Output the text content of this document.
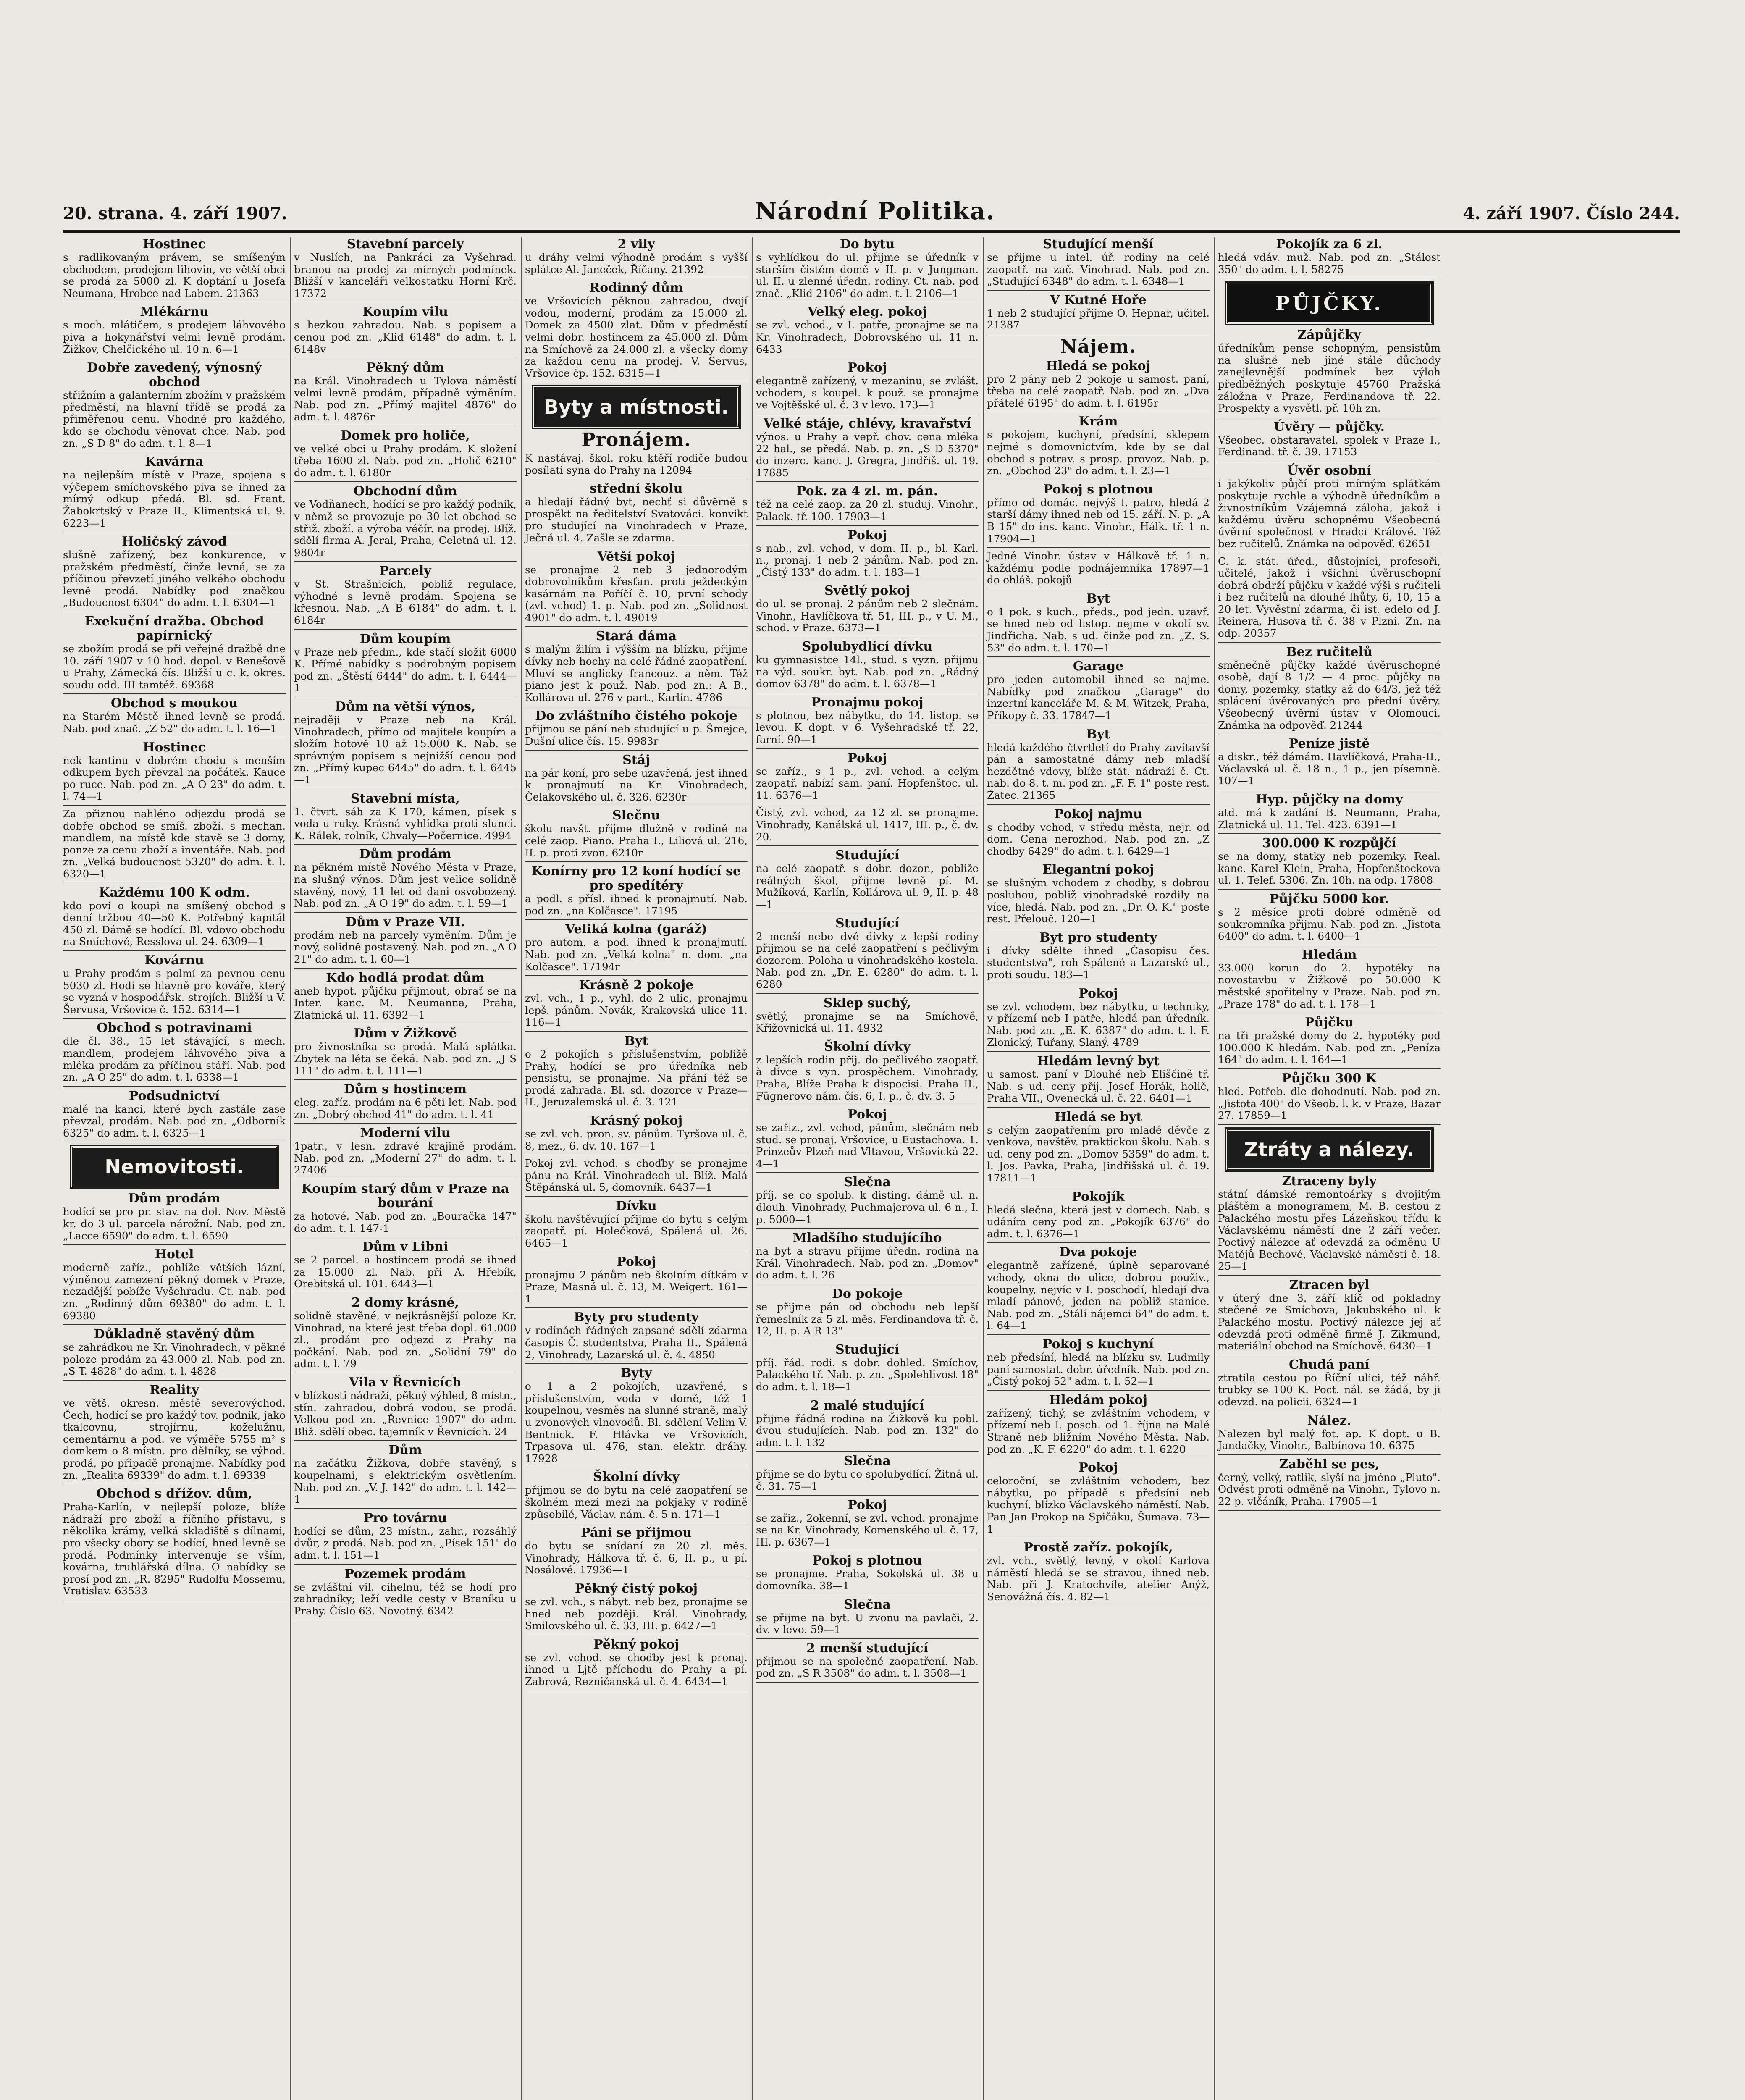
20. strana. 4. září 1907.	Národní Politika.	4. září 1907. Číslo 244.
Hostinec
s radlikovaným právem, se smíšeným obchodem, prodejem lihovin, ve větší obci se prodá za 5000 zl. K doptání u Josefa Neumana, Hrobce nad Labem. 21363
Mlékárnu
s moch. mlátičem, s prodejem láhvového piva a hokynářství velmi levně prodám. Žižkov, Chelčického ul. 10 n. 6—1
Dobře zavedený, výnosný obchod
střižním a galanterním zbožím v pražském předměstí, na hlavní třídě se prodá za přiměřenou cenu. Vhodné pro každého, kdo se obchodu věnovat chce. Nab. pod zn. „S D 8" do adm. t. l. 8—1
Kavárna
na nejlepším místě v Praze, spojena s výčepem smíchovského piva se ihned za mírný odkup předá. Bl. sd. Frant. Žabokrtský v Praze II., Klimentská ul. 9. 6223—1
Holičský závod
slušně zařízený, bez konkurence, v pražském předměstí, činže levná, se za příčinou převzetí jiného velkého obchodu levně prodá. Nabídky pod značkou „Budoucnost 6304" do adm. t. l. 6304—1
Exekuční dražba. Obchod papírnický
se zbožím prodá se při veřejné dražbě dne 10. září 1907 v 10 hod. dopol. v Benešově u Prahy, Zámecká čís. Bližší u c. k. okres. soudu odd. III tamtéž. 69368
Obchod s moukou
na Starém Městě ihned levně se prodá. Nab. pod znač. „Z 52" do adm. t. l. 16—1
Hostinec
nek kantinu v dobrém chodu s menším odkupem bych převzal na počátek. Kauce po ruce. Nab. pod zn. „A O 23" do adm. t. l. 74—1
Za přiznou nahléno odjezdu prodá se dobře obchod se smíš. zboží. s mechan. mandlem, na místě kde stavě se 3 domy, ponze za cenu zboží a inventáře. Nab. pod zn. „Velká budoucnost 5320" do adm. t. l. 6320—1
Každému 100 K odm.
kdo poví o koupi na smíšený obchod s denní tržbou 40—50 K. Potřebný kapitál 450 zl. Dámě se hodící. Bl. vdovo obchodu na Smíchově, Resslova ul. 24. 6309—1
Kovárnu
u Prahy prodám s polmí za pevnou cenu 5030 zl. Hodí se hlavně pro kováře, který se vyzná v hospodářsk. strojích. Bližší u V. Šervusa, Vršovice č. 152. 6314—1
Obchod s potravinami
dle čl. 38., 15 let stávající, s mech. mandlem, prodejem láhvového piva a mléka prodám za příčinou stáří. Nab. pod zn. „A O 25" do adm. t. l. 6338—1
Podsudnictví
malé na kanci, které bych zastále zase převzal, prodám. Nab. pod zn. „Odborník 6325" do adm. t. l. 6325—1
Nemovitosti.
Dům prodám
hodící se pro pr. stav. na dol. Nov. Městě kr. do 3 ul. parcela nárožní. Nab. pod zn. „Lacce 6590" do adm. t. l. 6590
Hotel
moderně zaříz., pohlíže větších lázní, výměnou zamezení pěkný domek v Praze, nezadější pobíže Vyšehradu. Ct. nab. pod zn. „Rodinný dům 69380" do adm. t. l. 69380
Důkladně stavěný dům
se zahrádkou ne Kr. Vinohradech, v pěkné poloze prodám za 43.000 zl. Nab. pod zn. „S T. 4828" do adm. t. l. 4828
Reality
ve větš. okresn. městě severovýchod. Čech, hodící se pro každý tov. podnik, jako tkalcovnu, strojírnu, koželužnu, cementárnu a pod. ve výměře 5755 m² s domkem o 8 místn. pro dělníky, se výhod. prodá, po připadě pronajme. Nabídky pod zn. „Realita 69339" do adm. t. l. 69339
Obchod s dřížov. dům,
Praha-Karlín, v nejlepší poloze, blíže nádraží pro zboží a říčního přístavu, s několika krámy, velká skladiště s dílnami, pro všecky obory se hodící, hned levně se prodá. Podmínky intervenuje se vším, kovárna, truhlářská dílna. O nabídky se prosí pod zn. „R. 8295" Rudolfu Mossemu, Vratislav. 63533
Stavební parcely
v Nuslích, na Pankráci za Vyšehrad. branou na prodej za mírných podmínek. Bližší v kanceláři velkostatku Horní Krč. 17372
Koupím vilu
s hezkou zahradou. Nab. s popisem a cenou pod zn. „Klid 6148" do adm. t. l. 6148v
Pěkný dům
na Král. Vinohradech u Tylova náměstí velmi levně prodám, případně výměním. Nab. pod zn. „Přímý majitel 4876" do adm. t. l. 4876r
Domek pro holiče,
ve velké obci u Prahy prodám. K složení třeba 1600 zl. Nab. pod zn. „Holič 6210" do adm. t. l. 6180r
Obchodní dům
ve Vodňanech, hodící se pro každý podnik, v němž se provozuje po 30 let obchod se střiž. zboží. a výroba véčír. na prodej. Blíž. sdělí firma A. Jeral, Praha, Celetná ul. 12. 9804r
Parcely
v St. Strašnicích, pobliž regulace, výhodné s levně prodám. Spojena se křesnou. Nab. „A B 6184" do adm. t. l. 6184r
Dům koupím
v Praze neb předm., kde stačí složit 6000 K. Přímé nabídky s podrobným popisem pod zn. „Štěstí 6444" do adm. t. l. 6444—1
Dům na větší výnos,
nejraději v Praze neb na Král. Vinohradech, přímo od majitele koupím a složím hotově 10 až 15.000 K. Nab. se správným popisem s nejnižší cenou pod zn. „Přímý kupec 6445" do adm. t. l. 6445—1
Stavební místa,
1. čtvrt. sáh za K 170, kámen, písek s voda u ruky. Krásná vyhlídka proti slunci. K. Rálek, rolník, Chvaly—Počernice. 4994
Dům prodám
na pěkném místě Nového Města v Praze, na slušný výnos. Dům jest velice solidně stavěný, nový, 11 let od dani osvobozený. Nab. pod zn. „A O 19" do adm. t. l. 59—1
Dům v Praze VII.
prodám neb na parcely vyměním. Dům je nový, solidně postavený. Nab. pod zn. „A O 21" do adm. t. l. 60—1
Kdo hodlá prodat dům
aneb hypot. půjčku přijmout, obrať se na Inter. kanc. M. Neumanna, Praha, Zlatnická ul. 11. 6392—1
Dům v Žižkově
pro živnostníka se prodá. Malá splátka. Zbytek na léta se čeká. Nab. pod zn. „J S 111" do adm. t. l. 111—1
Dům s hostincem
eleg. zaříz. prodám na 6 pěti let. Nab. pod zn. „Dobrý obchod 41" do adm. t. l. 41
Moderní vilu
1patr., v lesn. zdravé krajině prodám. Nab. pod zn. „Moderní 27" do adm. t. l. 27406
Koupím starý dům v Praze na bourání
za hotové. Nab. pod zn. „Bouračka 147" do adm. t. l. 147-1
Dům v Libni
se 2 parcel. a hostincem prodá se ihned za 15.000 zl. Nab. při A. Hřebík, Orebitská ul. 101. 6443—1
2 domy krásné,
solidně stavěné, v nejkrásnější poloze Kr. Vinohrad, na které jest třeba dopl. 61.000 zl., prodám pro odjezd z Prahy na počkání. Nab. pod zn. „Solidní 79" do adm. t. l. 79
Vila v Řevnicích
v blízkosti nádraží, pěkný výhled, 8 místn., stín. zahradou, dobrá vodou, se prodá. Velkou pod zn. „Řevnice 1907" do adm. Bliž. sdělí obec. tajemník v Řevnicích. 24
Dům
na začátku Žižkova, dobře stavěný, s koupelnami, s elektrickým osvětlením. Nab. pod zn. „V. J. 142" do adm. t. l. 142—1
Pro továrnu
hodící se dům, 23 místn., zahr., rozsáhlý dvůr, z prodá. Nab. pod zn. „Písek 151" do adm. t. l. 151—1
Pozemek prodám
se zvláštní vil. cihelnu, též se hodí pro zahradníky; leží vedle cesty v Braníku u Prahy. Číslo 63. Novotný. 6342
2 vily
u dráhy velmi výhodně prodám s vyšší splátce Al. Janeček, Říčany. 21392
Rodinný dům
ve Vršovicích pěknou zahradou, dvojí vodou, moderní, prodám za 15.000 zl. Domek za 4500 zlat. Dům v předměstí velmi dobr. hostincem za 45.000 zl. Dům na Smíchově za 24.000 zl. a všecky domy za každou cenu na prodej. V. Servus, Vršovice čp. 152. 6315—1
Byty a místnosti.
Pronájem.
K nastávaj. škol. roku ktěří rodiče budou posílati syna do Prahy na 12094
střední školu
a hledají řádný byt, nechť si důvěrně s prospěkt na ředitelství Svatováci. konvikt pro studující na Vinohradech v Praze, Ječná ul. 4. Zašle se zdarma.
Větší pokoj
se pronajme 2 neb 3 jednorodým dobrovolníkům křesťan. proti ježdeckým kasárnám na Poříčí č. 10, první schody (zvl. vchod) 1. p. Nab. pod zn. „Solidnost 4901" do adm. t. l. 49019
Stará dáma
s malým žilím i výšším na blízku, přijme dívky neb hochy na celé řádné zaopatření. Mluví se anglicky francouz. a něm. Též piano jest k použ. Nab. pod zn.: A B., Kollárova ul. 276 v part., Karlín. 4786
Do zvláštního čistého pokoje
přijmou se pání neb studující u p. Šmejce, Dušní ulice čís. 15. 9983r
Stáj
na pár koní, pro sebe uzavřená, jest ihned k pronajmutí na Kr. Vinohradech, Čelakovského ul. č. 326. 6230r
Slečnu
školu navšt. přijme dlužně v rodině na celé zaop. Piano. Praha I., Liliová ul. 216, II. p. proti zvon. 6210r
Konírny pro 12 koní hodící se pro spedítéry
a podl. s přísl. ihned k pronajmutí. Nab. pod zn. „na Kolčasce". 17195
Veliká kolna (garáž)
pro autom. a pod. ihned k pronajmutí. Nab. pod zn. „Velká kolna" n. dom. „na Kolčasce". 17194r
Krásně 2 pokoje
zvl. vch., 1 p., vyhl. do 2 ulic, pronajmu lepš. pánům. Novák, Krakovská ulice 11. 116—1
Byt
o 2 pokojích s příslušenstvím, pobližě Prahy, hodící se pro úředníka neb pensistu, se pronajme. Na přání též se prodá zahrada. Bl. sd. dozorce v Praze—II., Jeruzalemská ul. č. 3. 121
Krásný pokoj
se zvl. vch. pron. sv. pánům. Tyršova ul. č. 8, mez., 6. dv. 10. 167—1
Pokoj zvl. vchod. s choďby se pronajme pánu na Král. Vinohradech ul. Blíž. Malá Štěpánská ul. 5, domovník. 6437—1
Dívku
školu navštěvující přijme do bytu s celým zaopatř. pí. Holečková, Spálená ul. 26. 6465—1
Pokoj
pronajmu 2 pánům neb školním dítkám v Praze, Masná ul. č. 13, M. Weigert. 161—1
Byty pro studenty
v rodinách řádných zapsané sdělí zdarma časopis Č. studentstva, Praha II., Spálená 2, Vinohrady, Lazarská ul. č. 4. 4850
Byty
o 1 a 2 pokojích, uzavřené, s příslušenstvím, voda v domě, též 1 koupelnou, vesměs na slunné straně, malý u zvonových vlnovodů. Bl. sdělení Velim V. Bentnick. F. Hlávka ve Vršovicích, Trpasova ul. 476, stan. elektr. dráhy. 17928
Školní dívky
přijmou se do bytu na celé zaopatření se školném mezi mezi na pokjaky v rodině způsobilé, Václav. nám. č. 5 n. 171—1
Páni se přijmou
do bytu se snídaní za 20 zl. měs. Vinohrady, Hálkova tř. č. 6, II. p., u pí. Nosálové. 17936—1
Pěkný čistý pokoj
se zvl. vch., s nábyt. neb bez, pronajme se hned neb později. Král. Vinohrady, Smilovského ul. č. 33, III. p. 6427—1
Pěkný pokoj
se zvl. vchod. se choďby jest k pronaj. ihned u Ljtě příchodu do Prahy a pí. Zabrová, Rezničanská ul. č. 4. 6434—1
Do bytu
s vyhlídkou do ul. přijme se úředník v starším čistém domě v II. p. v Jungman. ul. II. u zlenné úředn. rodiny. Ct. nab. pod znač. „Klid 2106" do adm. t. l. 2106—1
Velký eleg. pokoj
se zvl. vchod., v I. patře, pronajme se na Kr. Vinohradech, Dobrovského ul. 11 n. 6433
Pokoj
elegantně zařízený, v mezaninu, se zvlášt. vchodem, s koupel. k použ. se pronajme ve Vojtěšské ul. č. 3 v levo. 173—1
Velké stáje, chlévy, kravařství
výnos. u Prahy a vepř. chov. cena mléka 22 hal., se předá. Nab. p. zn. „S D 5370" do inzerc. kanc. J. Gregra, Jindřiš. ul. 19. 17885
Pok. za 4 zl. m. pán.
též na celé zaop. za 20 zl. studuj. Vinohr., Palack. tř. 100. 17903—1
Pokoj
s nab., zvl. vchod, v dom. II. p., bl. Karl. n., pronaj. 1 neb 2 pánům. Nab. pod zn. „Čistý 133" do adm. t. l. 183—1
Světlý pokoj
do ul. se pronaj. 2 pánům neb 2 slečnám. Vinohr., Havlíčkova tř. 51, III. p., v U. M., schod. v Praze. 6373—1
Spolubydlící dívku
ku gymnasistce 14l., stud. s vyzn. přijmu na výd. soukr. byt. Nab. pod zn. „Řádný domov 6378" do adm. t. l. 6378—1
Pronajmu pokoj
s plotnou, bez nábytku, do 14. listop. se levou. K dopt. v 6. Vyšehradské tř. 22, farní. 90—1
Pokoj
se zaříz., s 1 p., zvl. vchod. a celým zaopatř. nabízí sam. paní. Hopfenštoc. ul. 11. 6376—1
Čistý, zvl. vchod, za 12 zl. se pronajme. Vinohrady, Kanálská ul. 1417, III. p., č. dv. 20.
Studující
na celé zaopatř. s dobr. dozor., pobliže reálných škol, přijme levně pí. M. Mužíková, Karlín, Kollárova ul. 9, II. p. 48—1
Studující
2 menší nebo dvě dívky z lepší rodiny přijmou se na celé zaopatření s pečlivým dozorem. Poloha u vinohradského kostela. Nab. pod zn. „Dr. E. 6280" do adm. t. l. 6280
Sklep suchý,
světlý, pronajme se na Smíchově, Křižovnická ul. 11. 4932
Školní dívky
z lepších rodin přij. do pečlivého zaopatř. à dívce s vyn. prospěchem. Vinohrady, Praha, Blíže Praha k dispocisi. Praha II., Fügnerovo nám. čís. 6, I. p., č. dv. 3. 5
Pokoj
se zařiz., zvl. vchod, pánům, slečnám neb stud. se pronaj. Vršovice, u Eustachova. 1. Prinzeův Plzeň nad Vltavou, Vršovická 22. 4—1
Slečna
příj. se co spolub. k disting. dámě ul. n. dlouh. Vinohrady, Puchmajerova ul. 6 n., I. p. 5000—1
Mladšího studujícího
na byt a stravu přijme úředn. rodina na Král. Vinohradech. Nab. pod zn. „Domov" do adm. t. l. 26
Do pokoje
se přijme pán od obchodu neb lepší řemeslník za 5 zl. měs. Ferdinandova tř. č. 12, II. p. A R 13"
Studující
příj. řád. rodi. s dobr. dohled. Smíchov, Palackého tř. Nab. p. zn. „Spolehlivost 18" do adm. t. l. 18—1
2 malé studující
přijme řádná rodina na Žižkově ku pobl. dvou studujících. Nab. pod zn. 132" do adm. t. l. 132
Slečna
přijme se do bytu co spolubydlící. Žitná ul. č. 31. 75—1
Pokoj
se zařiz., 2okenní, se zvl. vchod. pronajme se na Kr. Vinohrady, Komenského ul. č. 17, III. p. 6367—1
Pokoj s plotnou
se pronajme. Praha, Sokolská ul. 38 u domovníka. 38—1
Slečna
se přijme na byt. U zvonu na pavlači, 2. dv. v levo. 59—1
2 menší studující
přijmou se na společné zaopatření. Nab. pod zn. „S R 3508" do adm. t. l. 3508—1
Studující menší
se přijme u intel. úř. rodiny na celé zaopatř. na zač. Vinohrad. Nab. pod zn. „Studující 6348" do adm. t. l. 6348—1
V Kutné Hoře
1 neb 2 studující přijme O. Hepnar, učitel. 21387
Nájem.
Hledá se pokoj
pro 2 pány neb 2 pokoje u samost. paní, třeba na celé zaopatř. Nab. pod zn. „Dva přátelé 6195" do adm. t. l. 6195r
Krám
s pokojem, kuchyní, předsíní, sklepem nejmé s domovnictvím, kde by se dal obchod s potrav. s prosp. provoz. Nab. p. zn. „Obchod 23" do adm. t. l. 23—1
Pokoj s plotnou
přímo od domác. nejvýš I. patro, hledá 2 starší dámy ihned neb od 15. září. N. p. „A B 15" do ins. kanc. Vinohr., Hálk. tř. 1 n. 17904—1
Jedné Vinohr. ústav v Hálkově tř. 1 n. každému podle podnájemníka 17897—1 do ohláš. pokojů
Byt
o 1 pok. s kuch., předs., pod jedn. uzavř. se hned neb od listop. nejme v okolí sv. Jindřicha. Nab. s ud. činže pod zn. „Z. S. 53" do adm. t. l. 170—1
Garage
pro jeden automobil ihned se najme. Nabídky pod značkou „Garage" do inzertní kanceláře M. & M. Witzek, Praha, Příkopy č. 33. 17847—1
Byt
hledá každého čtvrtletí do Prahy zavítavší pán a samostatné dámy neb mladší hezdětné vdovy, blíže stát. nádraží č. Ct. nab. do 8. t. m. pod zn. „F. F. 1" poste rest. Žatec. 21365
Pokoj najmu
s chodby vchod, v středu města, nejr. od dom. Cena nerozhod. Nab. pod zn. „Z chodby 6429" do adm. t. l. 6429—1
Elegantní pokoj
se slušným vchodem z chodby, s dobrou posluhou, pobliž vinohradské rozdily na více, hledá. Nab. pod zn. „Dr. O. K." poste rest. Přelouč. 120—1
Byt pro studenty
i dívky sdělte ihned „Časopisu čes. studentstva", roh Spálené a Lazarské ul., proti soudu. 183—1
Pokoj
se zvl. vchodem, bez nábytku, u techniky, v přízemí neb I patře, hledá pan úředník. Nab. pod zn. „E. K. 6387" do adm. t. l. F. Zlonický, Tuřany, Slaný. 4789
Hledám levný byt
u samost. paní v Dlouhé neb Eliščině tř. Nab. s ud. ceny přij. Josef Horák, holič, Praha VII., Ovenecká ul. č. 22. 6401—1
Hledá se byt
s celým zaopatřením pro mladé děvče z venkova, navštěv. praktickou školu. Nab. s ud. ceny pod zn. „Domov 5359" do adm. t. l. Jos. Pavka, Praha, Jindřišská ul. č. 19. 17811—1
Pokojík
hledá slečna, která jest v domech. Nab. s udáním ceny pod zn. „Pokojík 6376" do adm. t. l. 6376—1
Dva pokoje
elegantně zařízené, úplně separované vchody, okna do ulice, dobrou použiv., koupelny, nejvíc v I. poschodí, hledají dva mladí pánové, jeden na pobliž stanice. Nab. pod zn. „Stálí nájemci 64" do adm. t. l. 64—1
Pokoj s kuchyní
neb předsíní, hledá na blízku sv. Ludmily paní samostat. dobr. úředník. Nab. pod zn. „Čistý pokoj 52" adm. t. l. 52—1
Hledám pokoj
zařízený, tichý, se zvláštním vchodem, v přízemí neb I. posch. od 1. října na Malé Straně neb bližním Nového Města. Nab. pod zn. „K. F. 6220" do adm. t. l. 6220
Pokoj
celoroční, se zvláštním vchodem, bez nábytku, po případě s předsíní neb kuchyní, blízko Václavského náměstí. Nab. Pan Jan Prokop na Spičáku, Šumava. 73—1
Prostě zaříz. pokojík,
zvl. vch., světlý, levný, v okolí Karlova náměstí hledá se se stravou, ihned neb. Nab. při J. Kratochvíle, atelier Anýž, Senovážná čís. 4. 82—1
Pokojík za 6 zl.
hledá vdáv. muž. Nab. pod zn. „Stálost 350" do adm. t. l. 58275
PŮJČKY.
Zápůjčky
úředníkům pense schopným, pensistům na slušné neb jiné stálé důchody zanejlevnější podmínek bez výloh předběžných poskytuje 45760 Pražská záložna v Praze, Ferdinandova tř. 22. Prospekty a vysvětl. př. 10h zn.
Úvěry — půjčky.
Všeobec. obstaravatel. spolek v Praze I., Ferdinand. tř. č. 39. 17153
Úvěr osobní
i jakýkoliv půjčí proti mírným splátkám poskytuje rychle a výhodně úředníkům a živnostníkům Vzájemná záloha, jakož i každému úvěru schopnému Všeobecná úvěrní společnost v Hradci Králové. Též bez ručitelů. Známka na odpověď. 62651
C. k. stát. úřed., důstojníci, profesoři, učitelé, jakož i všichni úvěruschopní dobrá obdrží půjčku v každé výši s ručiteli i bez ručitelů na dlouhé lhůty, 6, 10, 15 a 20 let. Vyvěstní zdarma, či ist. edelo od J. Reinera, Husova tř. č. 38 v Plzni. Zn. na odp. 20357
Bez ručitelů
směnečně půjčky každé úvěruschopné osobě, dají 8 1/2 — 4 proc. půjčky na domy, pozemky, statky až do 64/3, jež též splácení úvěrovaných pro přední úvěry. Všeobecný úvěrní ústav v Olomouci. Známka na odpověď. 21244
Peníze jistě
a diskr., též dámám. Havlíčková, Praha-II., Václavská ul. č. 18 n., 1 p., jen písemně. 107—1
Hyp. půjčky na domy
atd. má k zadání B. Neumann, Praha, Zlatnická ul. 11. Tel. 423. 6391—1
300.000 K rozpůjčí
se na domy, statky neb pozemky. Real. kanc. Karel Klein, Praha, Hopfenštockova ul. 1. Telef. 5306. Zn. 10h. na odp. 17808
Půjčku 5000 kor.
s 2 měsíce proti dobré odměně od soukromníka přijmu. Nab. pod zn. „Jistota 6400" do adm. t. l. 6400—1
Hledám
33.000 korun do 2. hypotéky na novostavbu v Žižkově po 50.000 K městské spořitelny v Praze. Nab. pod zn. „Praze 178" do ad. t. l. 178—1
Půjčku
na tři pražské domy do 2. hypotéky pod 100.000 K hledám. Nab. pod zn. „Peníza 164" do adm. t. l. 164—1
Půjčku 300 K
hled. Potřeb. dle dohodnutí. Nab. pod zn. „Jistota 400" do Všeob. l. k. v Praze, Bazar 27. 17859—1
Ztráty a nálezy.
Ztraceny byly
státní dámské remontoárky s dvojitým pláštěm a monogramem, M. B. cestou z Palackého mostu přes Lázeňskou třídu k Václavskému náměstí dne 2 září večer. Poctivý nálezce ať odevzdá za odměnu U Matějů Bechové, Václavské náměstí č. 18. 25—1
Ztracen byl
v úterý dne 3. září klíč od pokladny stečené ze Smíchova, Jakubského ul. k Palackého mostu. Poctivý nálezce jej ať odevzdá proti odměně firmě J. Zikmund, materiální obchod na Smíchově. 6430—1
Chudá paní
ztratila cestou po Říční ulici, též náhř. trubky se 100 K. Poct. nál. se žádá, by ji odevzd. na policii. 6324—1
Nález.
Nalezen byl malý fot. ap. K dopt. u B. Jandačky, Vinohr., Balbínova 10. 6375
Zaběhl se pes,
černý, velký, ratlik, slyší na jméno „Pluto". Odvést proti odměně na Vinohr., Tylovo n. 22 p. vlčáník, Praha. 17905—1
